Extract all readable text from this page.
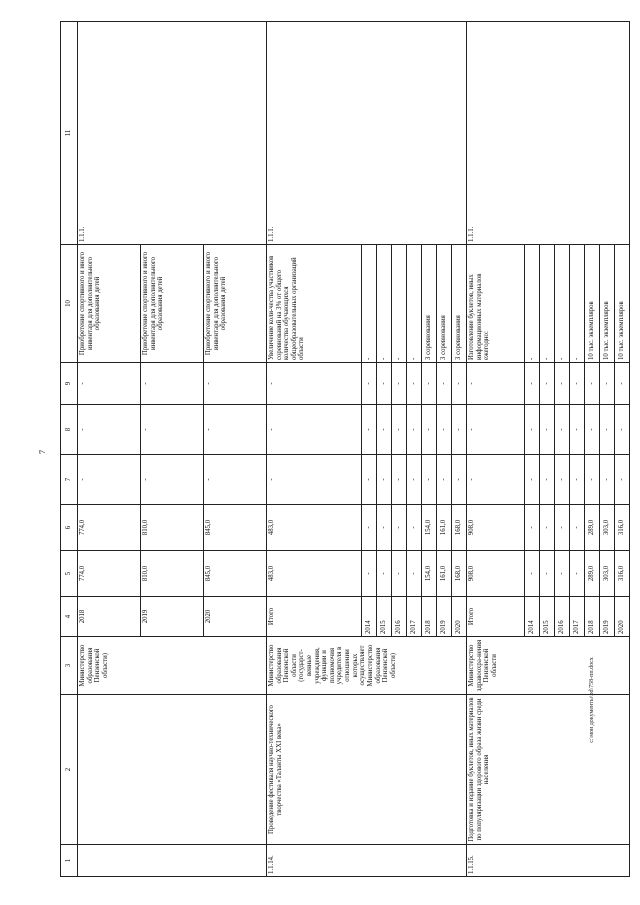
7
c:\мои документы\pd\758-пп.docx
1	2	3	4	5	6	7	8	9	10	11
		Министерство образования Пензенской области)	2018	774,0	774,0	-	-	-	Приобретение спортивного и иного инвентаря для дополнительного образования детей	1.1.1.
			2019	810,0	810,0	-	-	-	Приобретение спортивного и иного инвентаря для дополнительного образования детей	
			2020	845,0	845,0	-	-	-	Приобретение спортивного и иного инвентаря для дополнительного образования детей	
1.1.14.	Проведение фестиваля научно-технического творчества «Таланты XXI века»	Министерство образования Пензенской области (государст-венные учреждения, функции и полномочия учредителя в отношении которых осуществляет Министерство образования Пензенской области)	Итого	483,0	483,0	-	-	-	Увеличение коли-чества участников соревнований на 3% от общего количества обучающихся общеобразовательных организаций области	1.1.1.
			2014	-	-	-	-	-	-	
			2015	-	-	-	-	-	-	
			2016	-	-	-	-	-	-	
			2017	-	-	-	-	-	-	
			2018	154,0	154,0	-	-	-	3 соревнования	
			2019	161,0	161,0	-	-	-	3 соревнования	
			2020	168,0	168,0	-	-	-	3 соревнования	
1.1.15.	Подготовка и издание буклетов, иных материалов по популяризации здорового образа жизни среди населения	Министерство здравоохра-нения Пензенской области	Итого	908,0	908,0	-	-	-	Изготовление буклетов, иных информационных материалов ежегодно:	1.1.1.
			2014	-	-	-	-	-	-	
			2015	-	-	-	-	-	-	
			2016	-	-	-	-	-	-	
			2017	-	-	-	-	-	-	
			2018	289,0	289,0	-	-	-	10 тыс. экземпляров	
			2019	303,0	303,0	-	-	-	10 тыс. экземпляров	
			2020	316,0	316,0	-	-	-	10 тыс. экземпляров	
